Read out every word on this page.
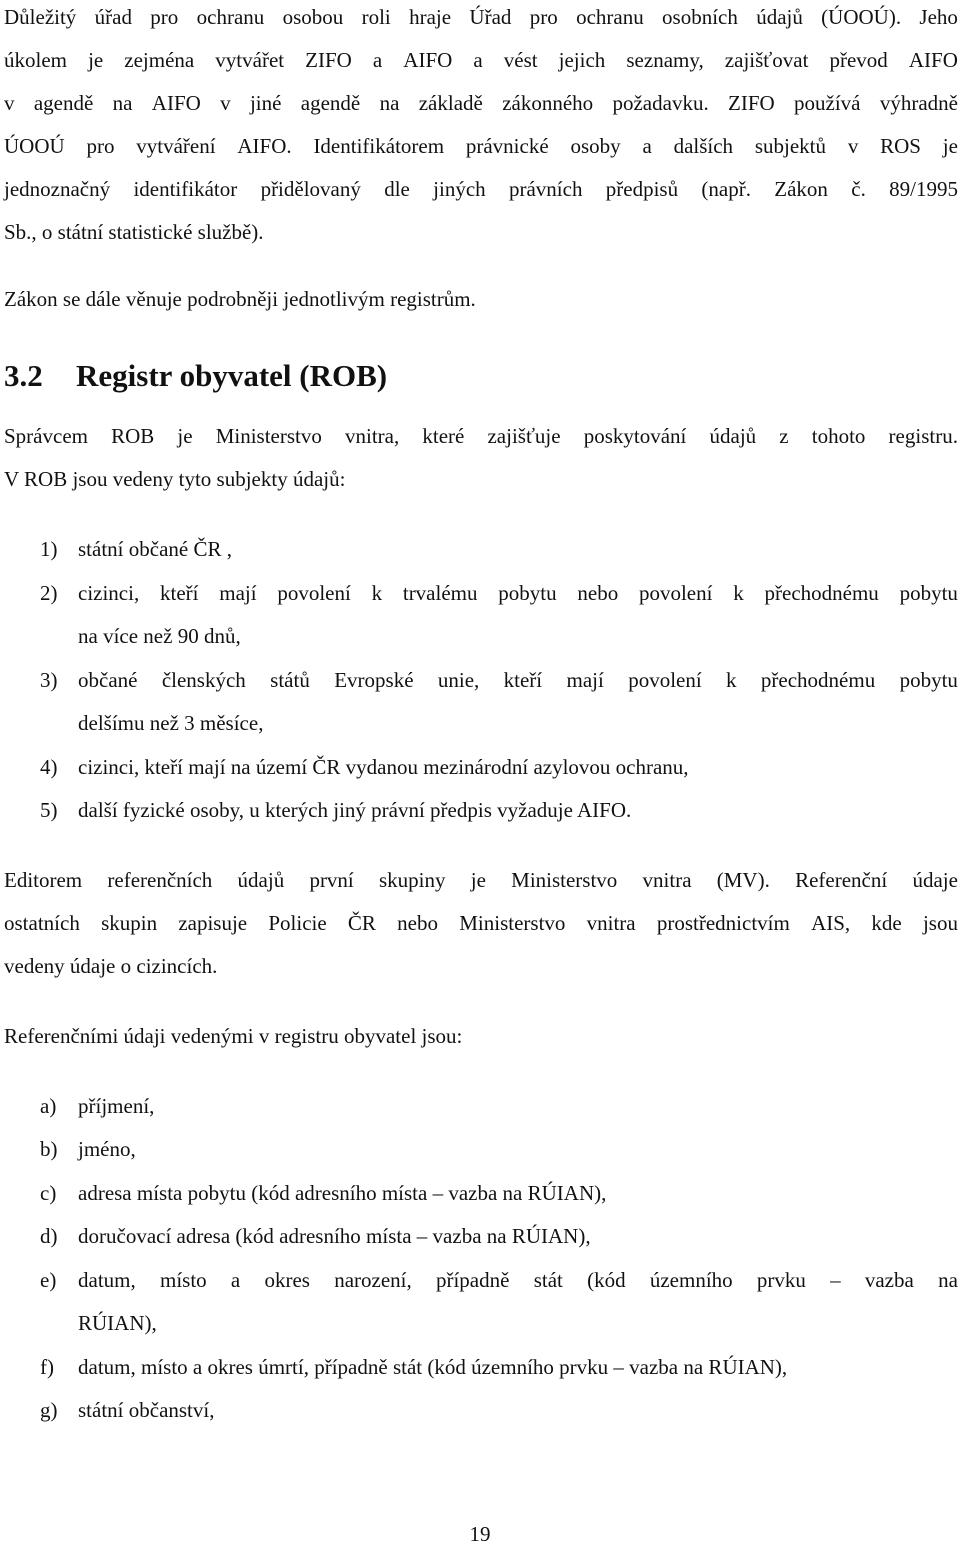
Důležitý úřad pro ochranu osobou roli hraje Úřad pro ochranu osobních údajů (ÚOOÚ). Jeho
úkolem je zejména vytvářet ZIFO a AIFO a vést jejich seznamy, zajišťovat převod AIFO
v agendě na AIFO v jiné agendě na základě zákonného požadavku. ZIFO používá výhradně
ÚOOÚ pro vytváření AIFO. Identifikátorem právnické osoby a dalších subjektů v ROS je
jednoznačný identifikátor přidělovaný dle jiných právních předpisů (např. Zákon č. 89/1995
Sb., o státní statistické službě).
Zákon se dále věnuje podrobněji jednotlivým registrům.
3.2 Registr obyvatel (ROB)
Správcem ROB je Ministerstvo vnitra, které zajišťuje poskytování údajů z tohoto registru.
V ROB jsou vedeny tyto subjekty údajů:
1) státní občané ČR ,
2) cizinci, kteří mají povolení k trvalému pobytu nebo povolení k přechodnému pobytu
na více než 90 dnů,
3) občané členských států Evropské unie, kteří mají povolení k přechodnému pobytu
delšímu než 3 měsíce,
4) cizinci, kteří mají na území ČR vydanou mezinárodní azylovou ochranu,
5) další fyzické osoby, u kterých jiný právní předpis vyžaduje AIFO.
Editorem referenčních údajů první skupiny je Ministerstvo vnitra (MV). Referenční údaje
ostatních skupin zapisuje Policie ČR nebo Ministerstvo vnitra prostřednictvím AIS, kde jsou
vedeny údaje o cizincích.
Referenčními údaji vedenými v registru obyvatel jsou:
a)	příjmení,
b) jméno,
c)	adresa místa pobytu (kód adresního místa – vazba na RÚIAN),
d) doručovací adresa (kód adresního místa – vazba na RÚIAN),
e)	datum, místo a okres narození, případně stát (kód územního prvku – vazba na
RÚIAN),
f)	datum, místo a okres úmrtí, případně stát (kód územního prvku – vazba na RÚIAN),
g) státní občanství,
19
